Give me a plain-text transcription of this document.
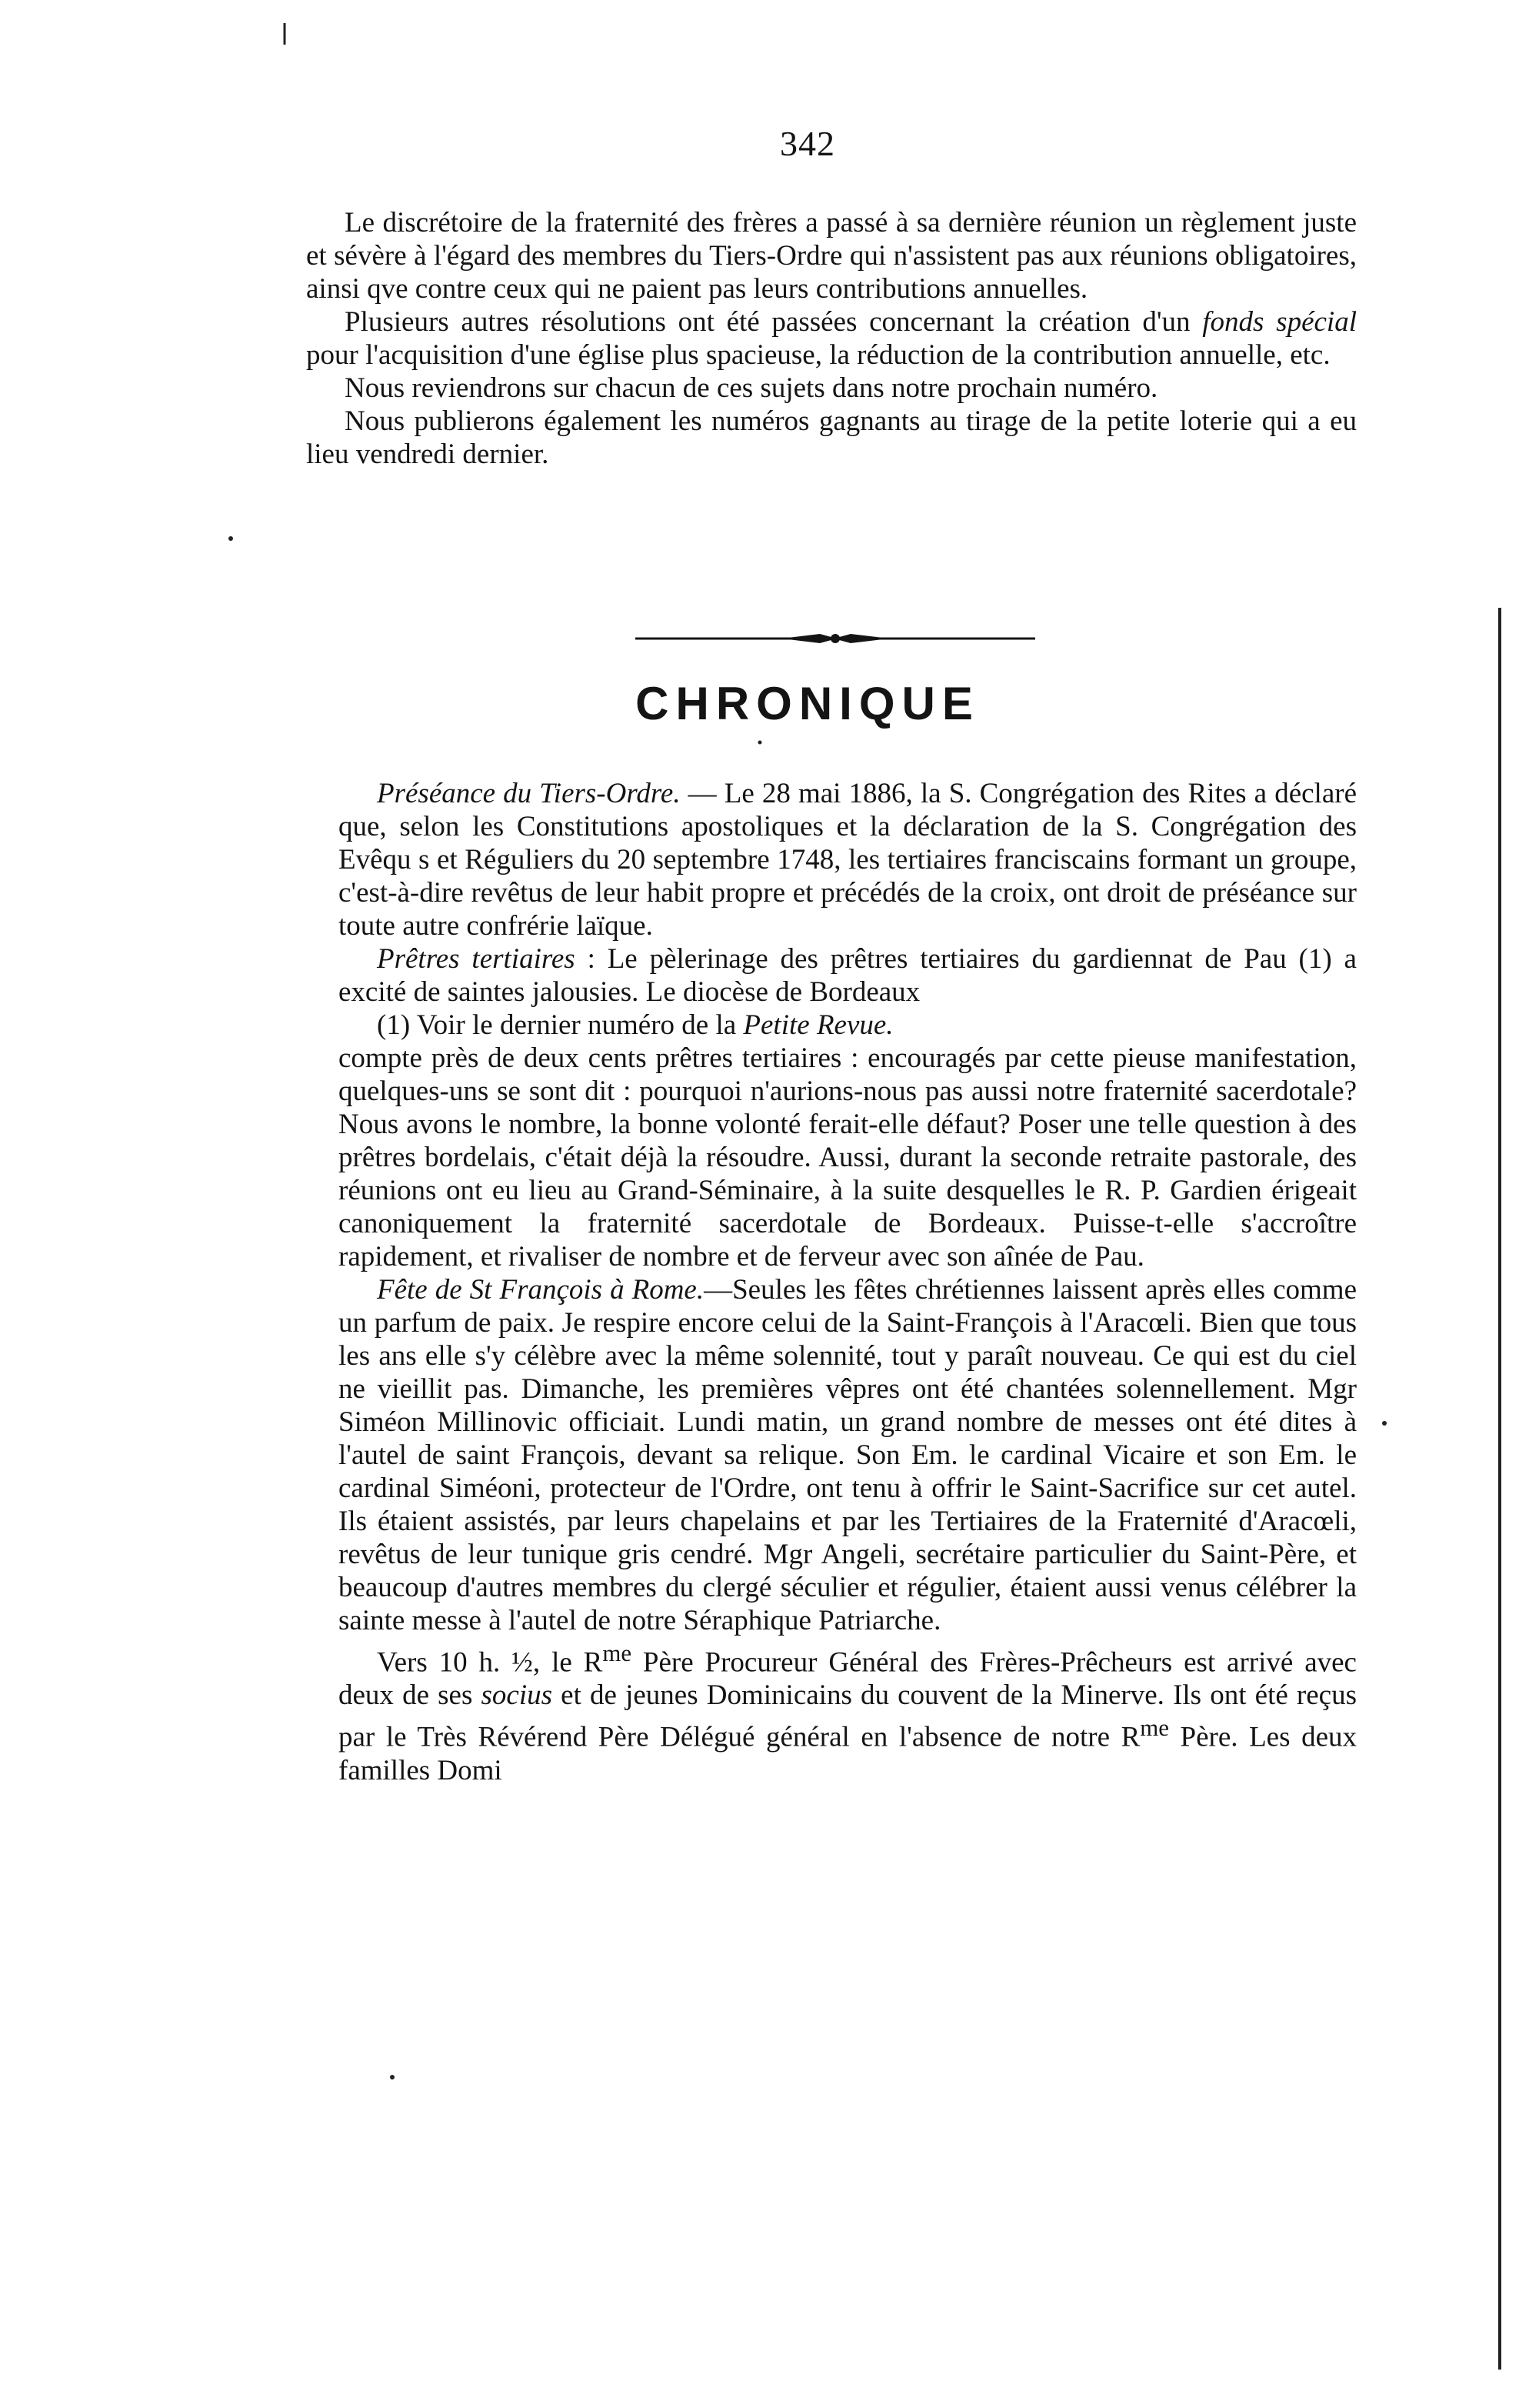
342

Le discrétoire de la fraternité des frères a passé à sa dernière réunion un règlement juste et sévère à l'égard des membres du Tiers-Ordre qui n'assistent pas aux réunions obligatoires, ainsi qve contre ceux qui ne paient pas leurs contributions annuelles.

Plusieurs autres résolutions ont été passées concernant la création d'un fonds spécial pour l'acquisition d'une église plus spacieuse, la réduction de la contribution annuelle, etc.

Nous reviendrons sur chacun de ces sujets dans notre prochain numéro.

Nous publierons également les numéros gagnants au tirage de la petite loterie qui a eu lieu vendredi dernier.

CHRONIQUE

Préséance du Tiers-Ordre. — Le 28 mai 1886, la S. Congrégation des Rites a déclaré que, selon les Constitutions apostoliques et la déclaration de la S. Congrégation des Evêqu s et Réguliers du 20 septembre 1748, les tertiaires franciscains formant un groupe, c'est-à-dire revêtus de leur habit propre et précédés de la croix, ont droit de préséance sur toute autre confrérie laïque.

Prêtres tertiaires : Le pèlerinage des prêtres tertiaires du gardiennat de Pau (1) a excité de saintes jalousies. Le diocèse de Bordeaux

(1) Voir le dernier numéro de la Petite Revue.

compte près de deux cents prêtres tertiaires : encouragés par cette pieuse manifestation, quelques-uns se sont dit : pourquoi n'aurions-nous pas aussi notre fraternité sacerdotale? Nous avons le nombre, la bonne volonté ferait-elle défaut? Poser une telle question à des prêtres bordelais, c'était déjà la résoudre. Aussi, durant la seconde retraite pastorale, des réunions ont eu lieu au Grand-Séminaire, à la suite desquelles le R. P. Gardien érigeait canoniquement la fraternité sacerdotale de Bordeaux. Puisse-t-elle s'accroître rapidement, et rivaliser de nombre et de ferveur avec son aînée de Pau.

Fête de St François à Rome.—Seules les fêtes chrétiennes laissent après elles comme un parfum de paix. Je respire encore celui de la Saint-François à l'Aracœli. Bien que tous les ans elle s'y célèbre avec la même solennité, tout y paraît nouveau. Ce qui est du ciel ne vieillit pas. Dimanche, les premières vêpres ont été chantées solennellement. Mgr Siméon Millinovic officiait. Lundi matin, un grand nombre de messes ont été dites à l'autel de saint François, devant sa relique. Son Em. le cardinal Vicaire et son Em. le cardinal Siméoni, protecteur de l'Ordre, ont tenu à offrir le Saint-Sacrifice sur cet autel. Ils étaient assistés, par leurs chapelains et par les Tertiaires de la Fraternité d'Aracœli, revêtus de leur tunique gris cendré. Mgr Angeli, secrétaire particulier du Saint-Père, et beaucoup d'autres membres du clergé séculier et régulier, étaient aussi venus célébrer la sainte messe à l'autel de notre Séraphique Patriarche.

Vers 10 h. ½, le $R^{me}$ Père Procureur Général des Frères-Prêcheurs est arrivé avec deux de ses socius et de jeunes Dominicains du couvent de la Minerve. Ils ont été reçus par le Très Révérend Père Délégué général en l'absence de notre $R^{me}$ Père. Les deux familles Domi
